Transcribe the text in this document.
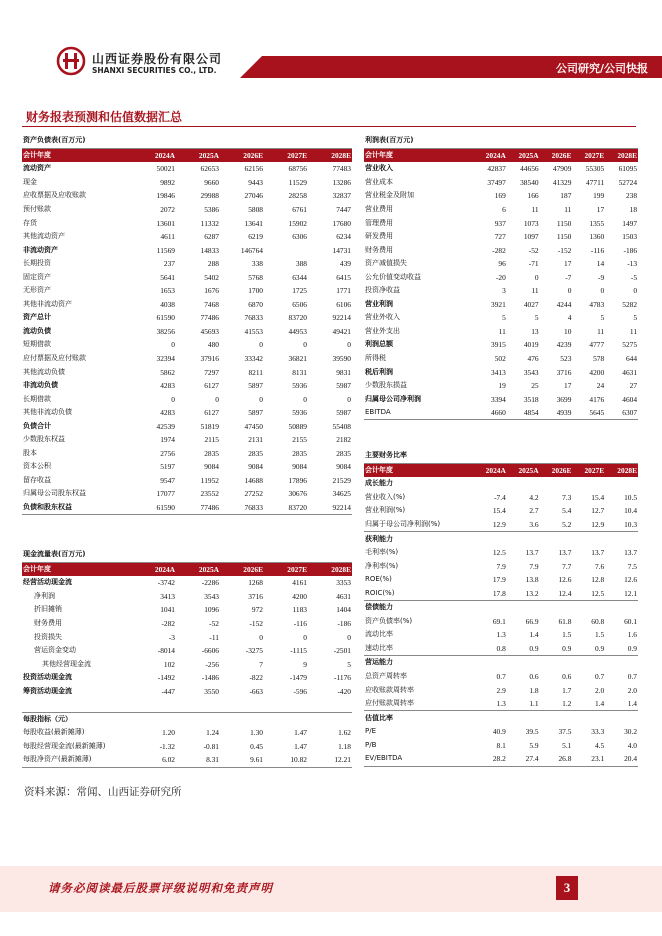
山西证券股份有限公司
SHANXI SECURITIES CO., LTD.	公司研究/公司快报
财务报表预测和估值数据汇总
资产负债表(百万元)					
会计年度	2024A	2025A	2026E	2027E	2028E
流动资产	50021	62653	62156	68756	77483
现金	9892	9660	9443	11529	13286
应收票据及应收账款	19846	29988	27046	28258	32837
预付账款	2072	5386	5808	6761	7447
存货	13601	11332	13641	15902	17680
其他流动资产	4611	6287	6219	6306	6234
非流动资产	11569	14833	146764		14731
长期投资	237	288	338	388	439
固定资产	5641	5402	5768	6344	6415
无形资产	1653	1676	1700	1725	1771
其他非流动资产	4038	7468	6870	6506	6106
资产总计	61590	77486	76833	83720	92214
流动负债	38256	45693	41553	44953	49421
短期借款	0	480	0	0	0
应付票据及应付账款	32394	37916	33342	36821	39590
其他流动负债	5862	7297	8211	8131	9831
非流动负债	4283	6127	5897	5936	5987
长期借款	0	0	0	0	0
其他非流动负债	4283	6127	5897	5936	5987
负债合计	42539	51819	47450	50889	55408
少数股东权益	1974	2115	2131	2155	2182
股本	2756	2835	2835	2835	2835
资本公积	5197	9084	9084	9084	9084
留存收益	9547	11952	14688	17896	21529
归属母公司股东权益	17077	23552	27252	30676	34625
负债和股东权益	61590	77486	76833	83720	92214
现金流量表(百万元)					
会计年度	2024A	2025A	2026E	2027E	2028E
经营活动现金流	-3742	-2286	1268	4161	3353
净利润	3413	3543	3716	4200	4631
折旧摊销	1041	1096	972	1183	1404
财务费用	-282	-52	-152	-116	-186
投资损失	-3	-11	0	0	0
营运资金变动	-8014	-6606	-3275	-1115	-2501
其他经营现金流	102	-256	7	9	5
投资活动现金流	-1492	-1486	-822	-1479	-1176
筹资活动现金流	-447	3550	-663	-596	-420

每股指标（元）					
每股收益(最新摊薄)	1.20	1.24	1.30	1.47	1.62
每股经营现金流(最新摊薄)	-1.32	-0.81	0.45	1.47	1.18
每股净资产(最新摊薄)	6.02	8.31	9.61	10.82	12.21
利润表(百万元)					
会计年度	2024A	2025A	2026E	2027E	2028E
营业收入	42837	44656	47909	55305	61095
营业成本	37497	38540	41329	47711	52724
营业税金及附加	169	166	187	199	238
营业费用	6	11	11	17	18
管理费用	937	1073	1150	1355	1497
研发费用	727	1097	1150	1360	1503
财务费用	-282	-52	-152	-116	-186
资产减值损失	96	-71	17	14	-13
公允价值变动收益	-20	0	-7	-9	-5
投资净收益	3	11	0	0	0
营业利润	3921	4027	4244	4783	5282
营业外收入	5	5	4	5	5
营业外支出	11	13	10	11	11
利润总额	3915	4019	4239	4777	5275
所得税	502	476	523	578	644
税后利润	3413	3543	3716	4200	4631
少数股东损益	19	25	17	24	27
归属母公司净利润	3394	3518	3699	4176	4604
EBITDA	4660	4854	4939	5645	6307
主要财务比率					
会计年度	2024A	2025A	2026E	2027E	2028E
成长能力					
营业收入(%)	-7.4	4.2	7.3	15.4	10.5
营业利润(%)	15.4	2.7	5.4	12.7	10.4
归属于母公司净利润(%)	12.9	3.6	5.2	12.9	10.3
获利能力					
毛利率(%)	12.5	13.7	13.7	13.7	13.7
净利率(%)	7.9	7.9	7.7	7.6	7.5
ROE(%)	17.9	13.8	12.6	12.8	12.6
ROIC(%)	17.8	13.2	12.4	12.5	12.1
偿债能力					
资产负债率(%)	69.1	66.9	61.8	60.8	60.1
流动比率	1.3	1.4	1.5	1.5	1.6
速动比率	0.8	0.9	0.9	0.9	0.9
营运能力					
总资产周转率	0.7	0.6	0.6	0.7	0.7
应收账款周转率	2.9	1.8	1.7	2.0	2.0
应付账款周转率	1.3	1.1	1.2	1.4	1.4
估值比率					
P/E	40.9	39.5	37.5	33.3	30.2
P/B	8.1	5.9	5.1	4.5	4.0
EV/EBITDA	28.2	27.4	26.8	23.1	20.4
资料来源：常闻、山西证券研究所
请务必阅读最后股票评级说明和免责声明	3
